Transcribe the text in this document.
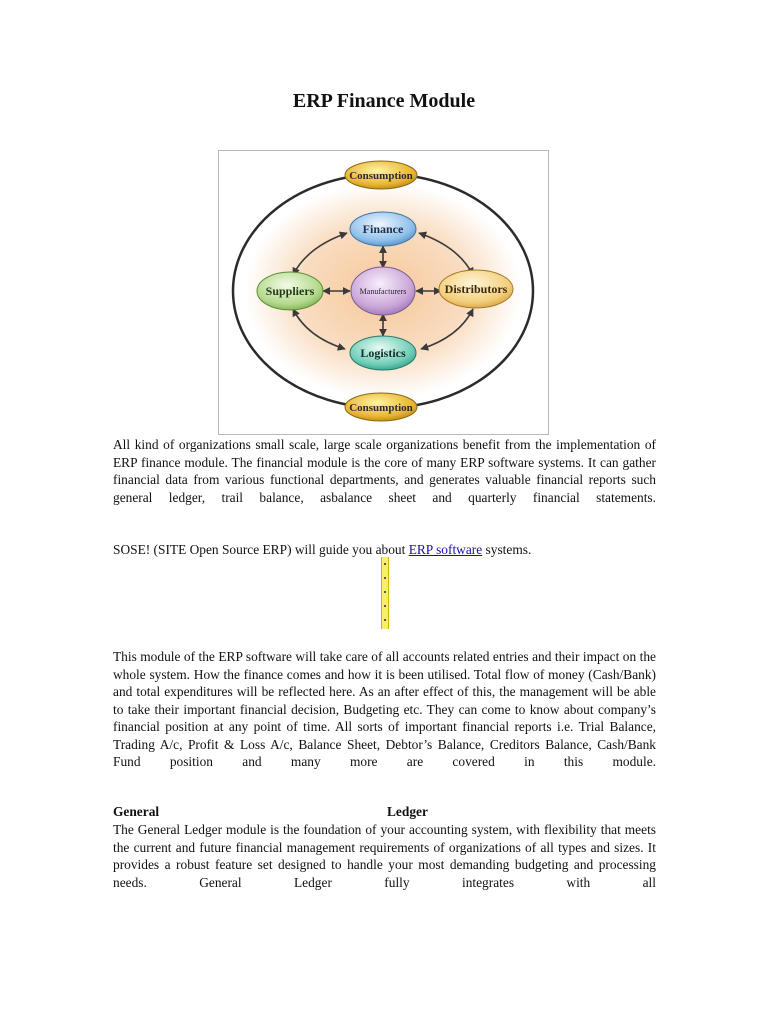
ERP Finance Module
Consumption
Finance
Suppliers	Manufacturers	Distributors
Logistics
Consumption

All kind of organizations small scale, large scale organizations benefit from the implementation of ERP finance module. The financial module is the core of many ERP software systems. It can gather financial data from various functional departments, and generates valuable financial reports such general ledger, trail balance, asbalance sheet and quarterly financial statements.

SOSE! (SITE Open Source ERP) will guide you about ERP software systems.

This module of the ERP software will take care of all accounts related entries and their impact on the whole system. How the finance comes and how it is been utilised. Total flow of money (Cash/Bank) and total expenditures will be reflected here. As an after effect of this, the management will be able to take their important financial decision, Budgeting etc. They can come to know about company’s financial position at any point of time. All sorts of important financial reports i.e. Trial Balance, Trading A/c, Profit & Loss A/c, Balance Sheet, Debtor’s Balance, Creditors Balance, Cash/Bank Fund position and many more are covered in this module.

General	Ledger

The General Ledger module is the foundation of your accounting system, with flexibility that meets the current and future financial management requirements of organizations of all types and sizes. It provides a robust feature set designed to handle your most demanding budgeting and processing needs. General Ledger fully integrates with all
